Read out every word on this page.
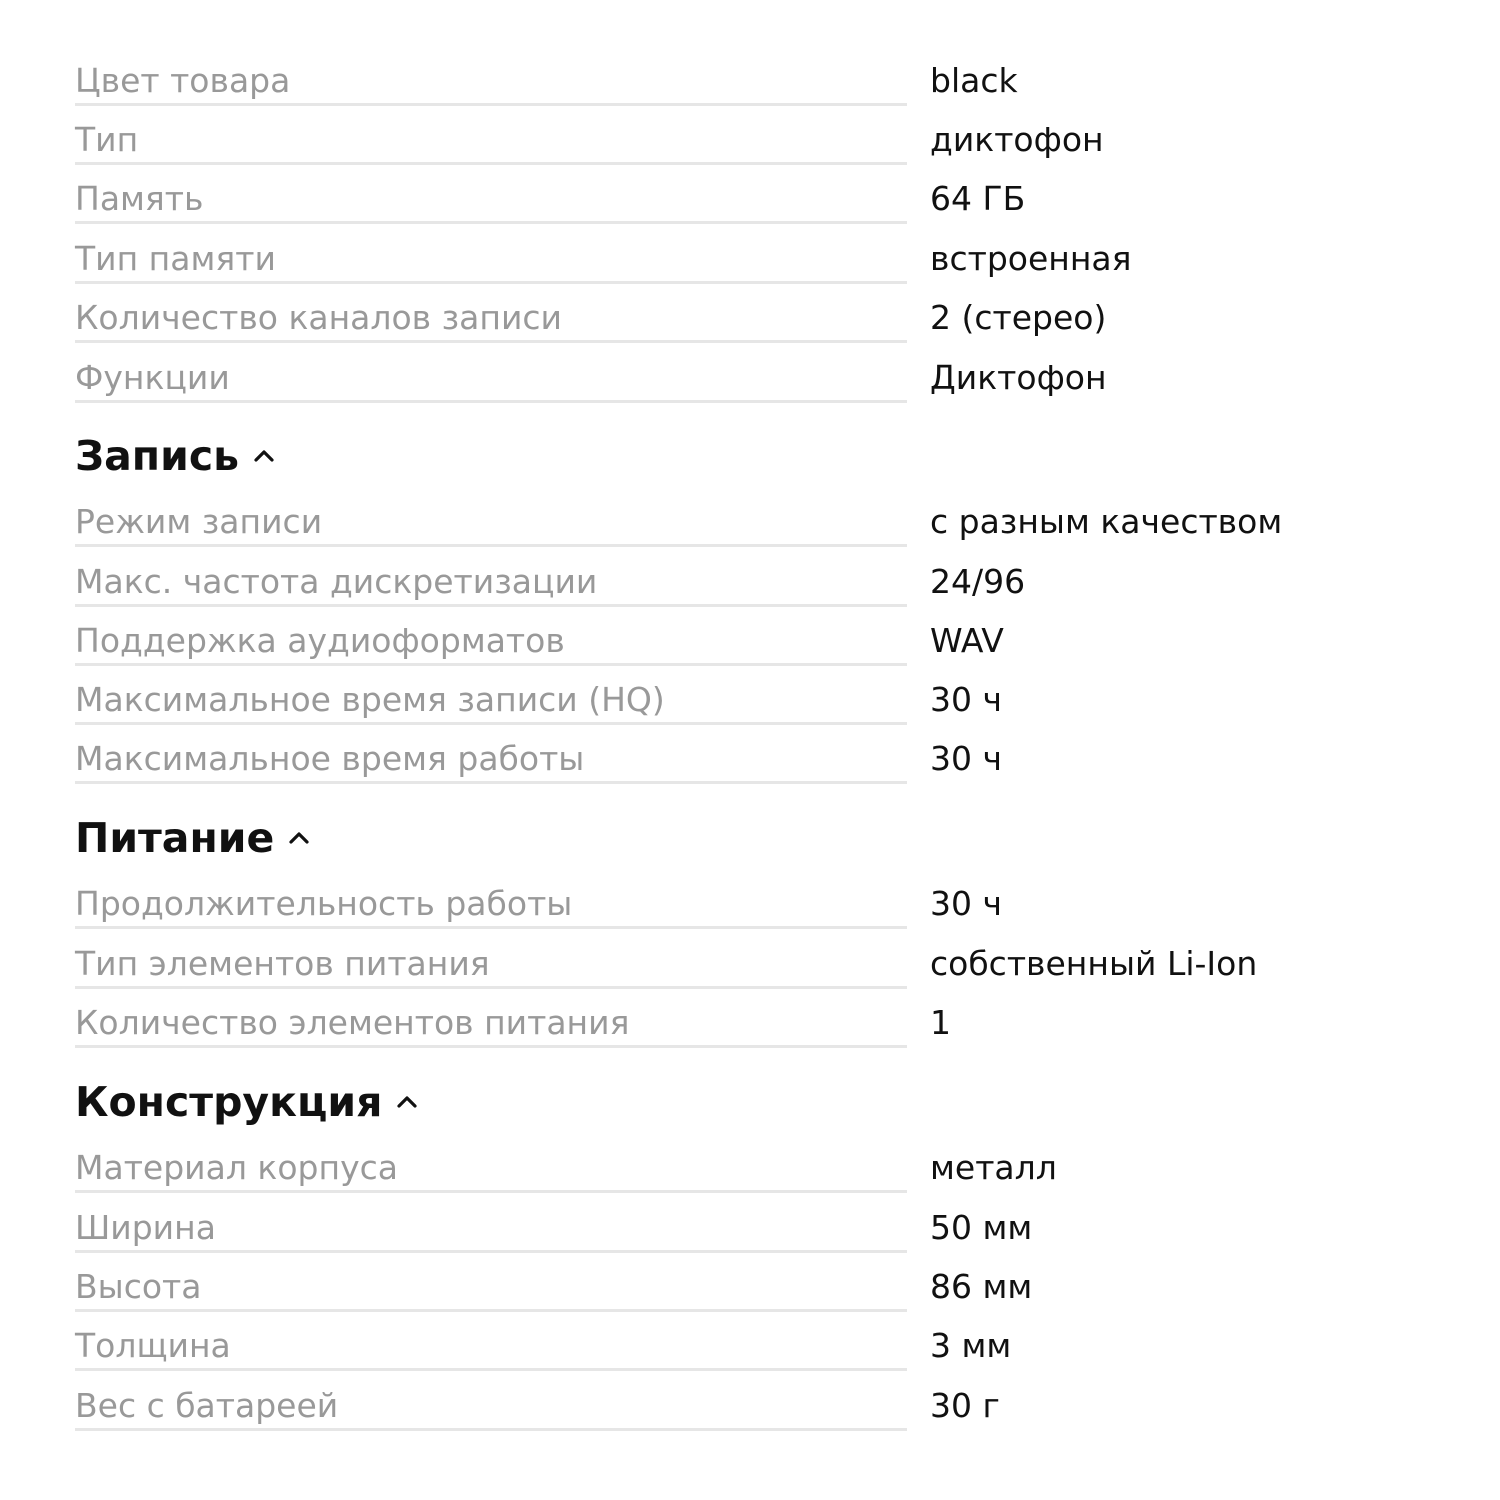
Цвет товара	black
Тип	диктофон
Память	64 ГБ
Тип памяти	встроенная
Количество каналов записи	2 (стерео)
Функции	Диктофон
Запись
Режим записи	с разным качеством
Макс. частота дискретизации	24/96
Поддержка аудиоформатов	WAV
Максимальное время записи (HQ)	30 ч
Максимальное время работы	30 ч
Питание
Продолжительность работы	30 ч
Тип элементов питания	собственный Li-Ion
Количество элементов питания	1
Конструкция
Материал корпуса	металл
Ширина	50 мм
Высота	86 мм
Толщина	3 мм
Вес с батареей	30 г
